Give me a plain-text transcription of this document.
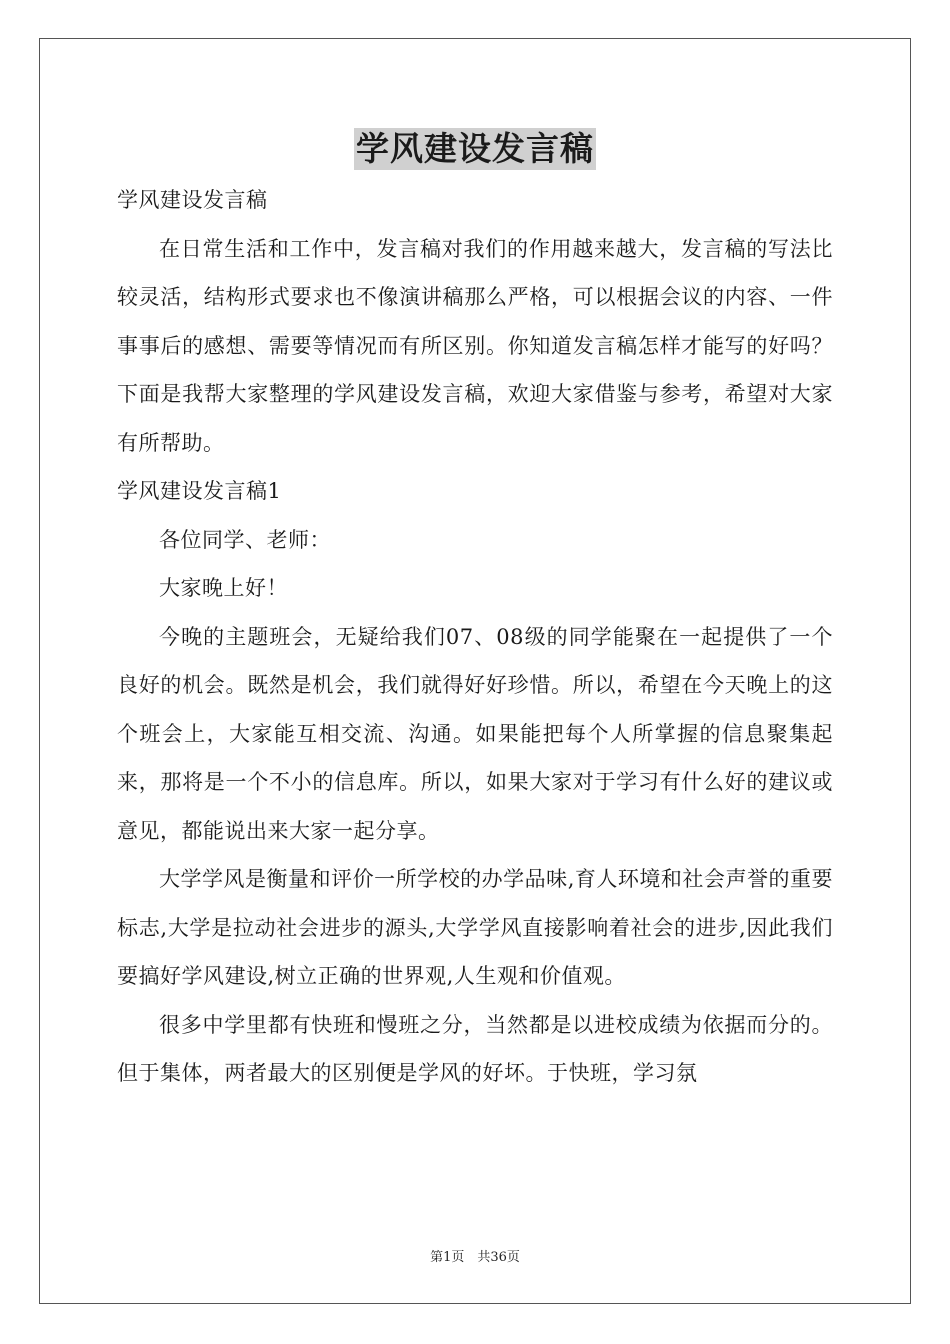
学风建设发言稿

学风建设发言稿

在日常生活和工作中，发言稿对我们的作用越来越大，发言稿的写法比较灵活，结构形式要求也不像演讲稿那么严格，可以根据会议的内容、一件事事后的感想、需要等情况而有所区别。你知道发言稿怎样才能写的好吗？下面是我帮大家整理的学风建设发言稿，欢迎大家借鉴与参考，希望对大家有所帮助。

学风建设发言稿1

各位同学、老师：

大家晚上好！

今晚的主题班会，无疑给我们07、08级的同学能聚在一起提供了一个良好的机会。既然是机会，我们就得好好珍惜。所以，希望在今天晚上的这个班会上，大家能互相交流、沟通。如果能把每个人所掌握的信息聚集起来，那将是一个不小的信息库。所以，如果大家对于学习有什么好的建议或意见，都能说出来大家一起分享。

大学学风是衡量和评价一所学校的办学品味,育人环境和社会声誉的重要标志,大学是拉动社会进步的源头,大学学风直接影响着社会的进步,因此我们要搞好学风建设,树立正确的世界观,人生观和价值观。

很多中学里都有快班和慢班之分，当然都是以进校成绩为依据而分的。但于集体，两者最大的区别便是学风的好坏。于快班，学习氛

第1页　共36页
